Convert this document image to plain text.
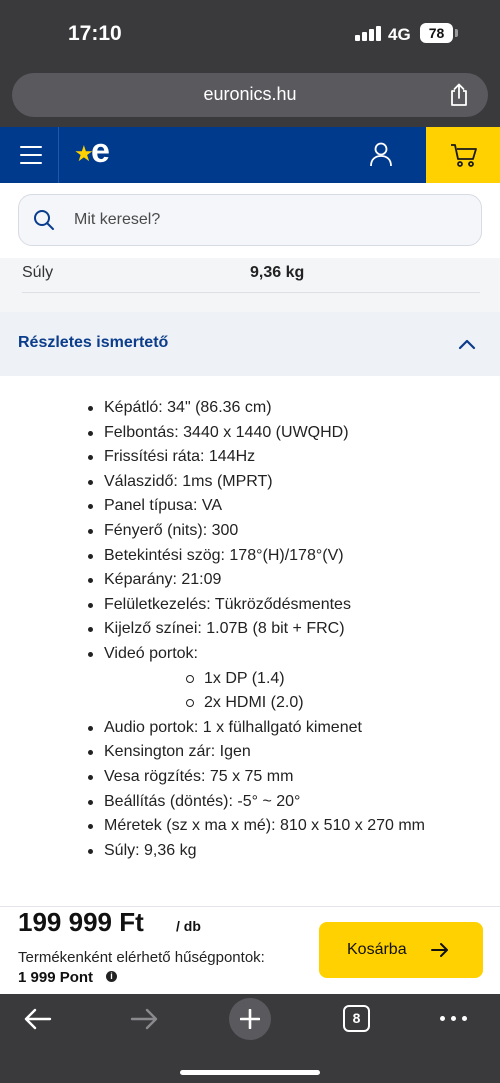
17:10	4G	78
euronics.hu
★
e
Mit keresel?
Súly	9,36 kg
Részletes ismertető
Képátló: 34" (86.36 cm)
Felbontás: 3440 x 1440 (UWQHD)
Frissítési ráta: 144Hz
Válaszidő: 1ms (MPRT)
Panel típusa: VA
Fényerő (nits): 300
Betekintési szög: 178°(H)/178°(V)
Képarány: 21:09
Felületkezelés: Tükröződésmentes
Kijelző színei: 1.07B (8 bit + FRC)
Videó portok:
1x DP (1.4)
2x HDMI (2.0)
Audio portok: 1 x fülhallgató kimenet
Kensington zár: Igen
Vesa rögzítés: 75 x 75 mm
Beállítás (döntés): -5° ~ 20°
Méretek (sz x ma x mé): 810 x 510 x 270 mm
Súly: 9,36 kg
199 999 Ft / db
Termékenként elérhető hűségpontok:
1 999 Pont	i
Kosárba
8
